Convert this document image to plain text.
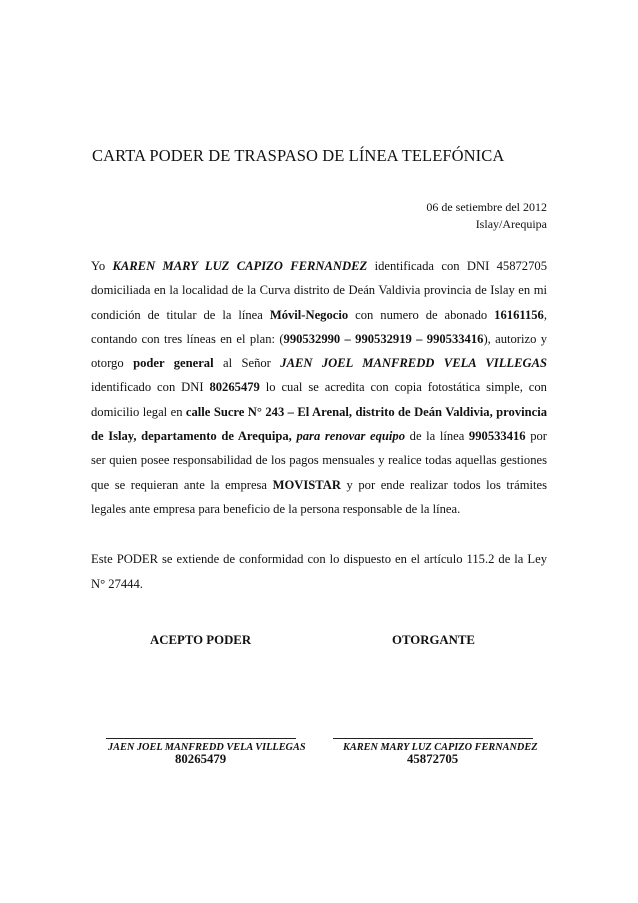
CARTA PODER DE TRASPASO DE LÍNEA TELEFÓNICA
06 de setiembre del 2012
Islay/Arequipa

Yo KAREN MARY LUZ CAPIZO FERNANDEZ identificada con DNI 45872705 domiciliada en la localidad de la Curva distrito de Deán Valdivia provincia de Islay en mi condición de titular de la línea Móvil-Negocio con numero de abonado 16161156, contando con tres líneas en el plan: (990532990 – 990532919 – 990533416), autorizo y otorgo poder general al Señor JAEN JOEL MANFREDD VELA VILLEGAS identificado con DNI 80265479 lo cual se acredita con copia fotostática simple, con domicilio legal en calle Sucre N° 243 – El Arenal, distrito de Deán Valdivia, provincia de Islay, departamento de Arequipa, para renovar equipo de la línea 990533416 por ser quien posee responsabilidad de los pagos mensuales y realice todas aquellas gestiones que se requieran ante la empresa MOVISTAR y por ende realizar todos los trámites legales ante empresa para beneficio de la persona responsable de la línea.

Este PODER se extiende de conformidad con lo dispuesto en el artículo 115.2 de la Ley N° 27444.

ACEPTO PODER	OTORGANTE
JAEN JOEL MANFREDD VELA VILLEGAS	KAREN MARY LUZ CAPIZO FERNANDEZ
80265479	45872705
